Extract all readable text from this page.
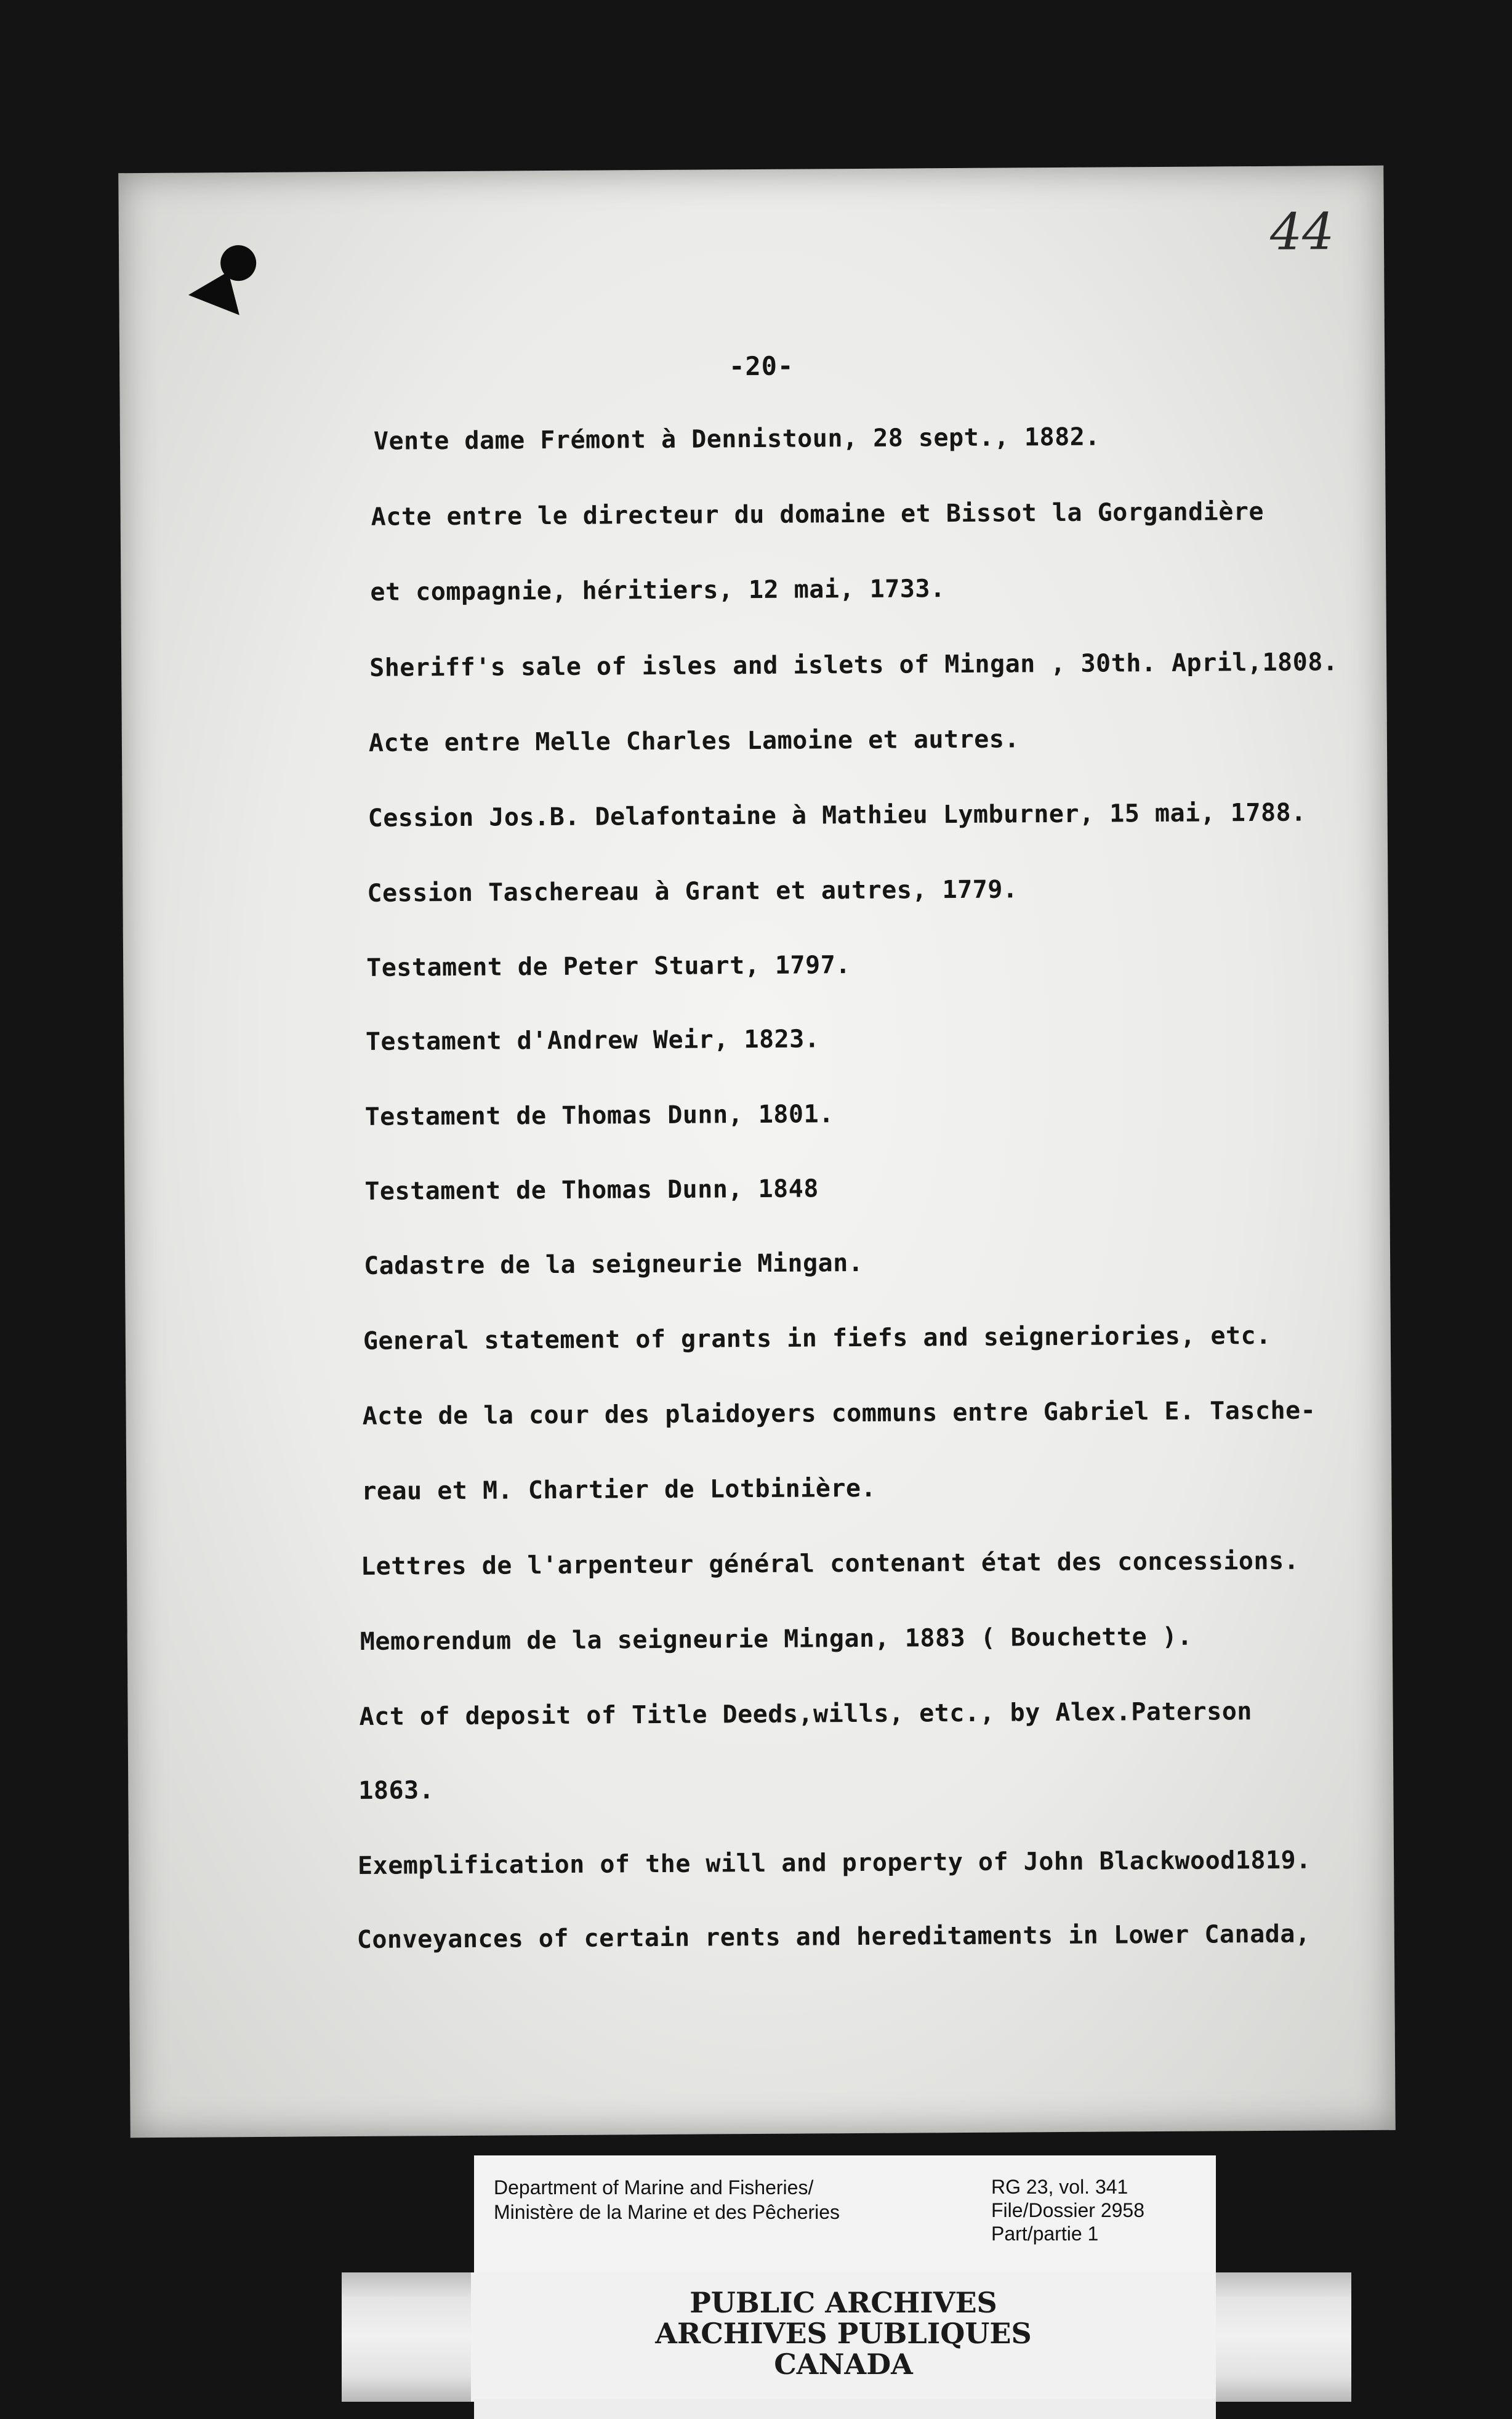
44
-20-
Vente dame Frémont à Dennistoun, 28 sept., 1882.
Acte entre le directeur du domaine et Bissot la Gorgandière
et compagnie, héritiers, 12 mai, 1733.
Sheriff's sale of isles and islets of Mingan , 30th. April,1808.
Acte entre Melle Charles Lamoine et autres.
Cession Jos.B. Delafontaine à Mathieu Lymburner, 15 mai, 1788.
Cession Taschereau à Grant et autres, 1779.
Testament de Peter Stuart, 1797.
Testament d'Andrew Weir, 1823.
Testament de Thomas Dunn, 1801.
Testament de Thomas Dunn, 1848
Cadastre de la seigneurie Mingan.
General statement of grants in fiefs and seigneriories, etc.
Acte de la cour des plaidoyers communs entre Gabriel E. Tasche-
reau et M. Chartier de Lotbinière.
Lettres de l'arpenteur général contenant état des concessions.
Memorendum de la seigneurie Mingan, 1883 ( Bouchette ).
Act of deposit of Title Deeds,wills, etc., by Alex.Paterson
1863.
Exemplification of the will and property of John Blackwood1819.
Conveyances of certain rents and hereditaments in Lower Canada,
Department of Marine and Fisheries/
Ministère de la Marine et des Pêcheries
RG 23, vol. 341
File/Dossier 2958
Part/partie 1
PUBLIC ARCHIVES
ARCHIVES PUBLIQUES
CANADA
